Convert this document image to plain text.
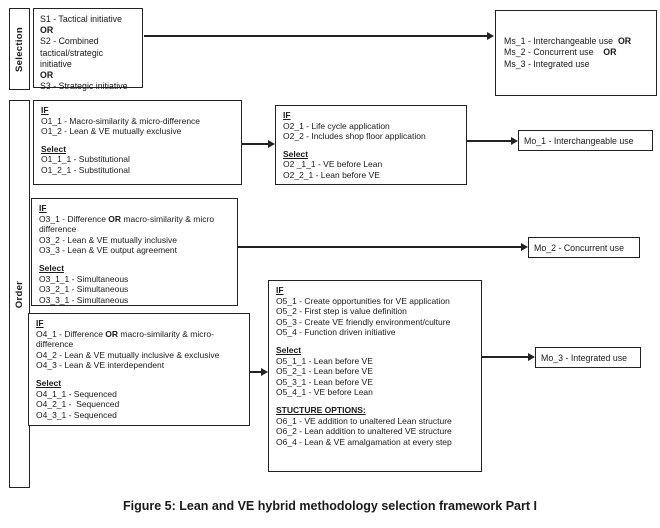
Selection
S1 - Tactical initiative
OR
S2 - Combined tactical/strategic initiative
OR
S3 - Strategic initiative
Ms_1 - Interchangeable use  OR
Ms_2 - Concurrent use    OR
Ms_3 - Integrated use
Order
IF
O1_1 - Macro-similarity & micro-difference
O1_2 - Lean & VE mutually exclusive
Select
O1_1_1 - Substitutional
O1_2_1 - Substitutional
IF
O2_1 - Life cycle application
O2_2 - Includes shop floor application
Select
O2 _1_1 - VE before Lean
O2_2_1 - Lean before VE
Mo_1 - Interchangeable use
IF
O3_1 - Difference OR macro-similarity & micro difference
O3_2 - Lean & VE mutually inclusive
O3_3 - Lean & VE output agreement
Select
O3_1_1 - Simultaneous
O3_2_1 - Simultaneous
O3_3_1 - Simultaneous
Mo_2 - Concurrent use
IF
O4_1 - Difference OR macro-similarity & micro-difference
O4_2 - Lean & VE mutually inclusive & exclusive
O4_3 - Lean & VE interdependent
Select
O4_1_1 - Sequenced
O4_2_1 -  Sequenced
O4_3_1 - Sequenced
IF
O5_1 - Create opportunities for VE application
O5_2 - First step is value definition
O5_3 - Create VE friendly environment/culture
O5_4 - Function driven initiative
Select
O5_1_1 - Lean before VE
O5_2_1 - Lean before VE
O5_3_1 - Lean before VE
O5_4_1 - VE before Lean
STUCTURE OPTIONS:
O6_1 - VE addition to unaltered Lean structure
O6_2 - Lean addition to unaltered VE structure
O6_4 - Lean & VE amalgamation at every step
Mo_3 - Integrated use
Figure 5: Lean and VE hybrid methodology selection framework Part I
